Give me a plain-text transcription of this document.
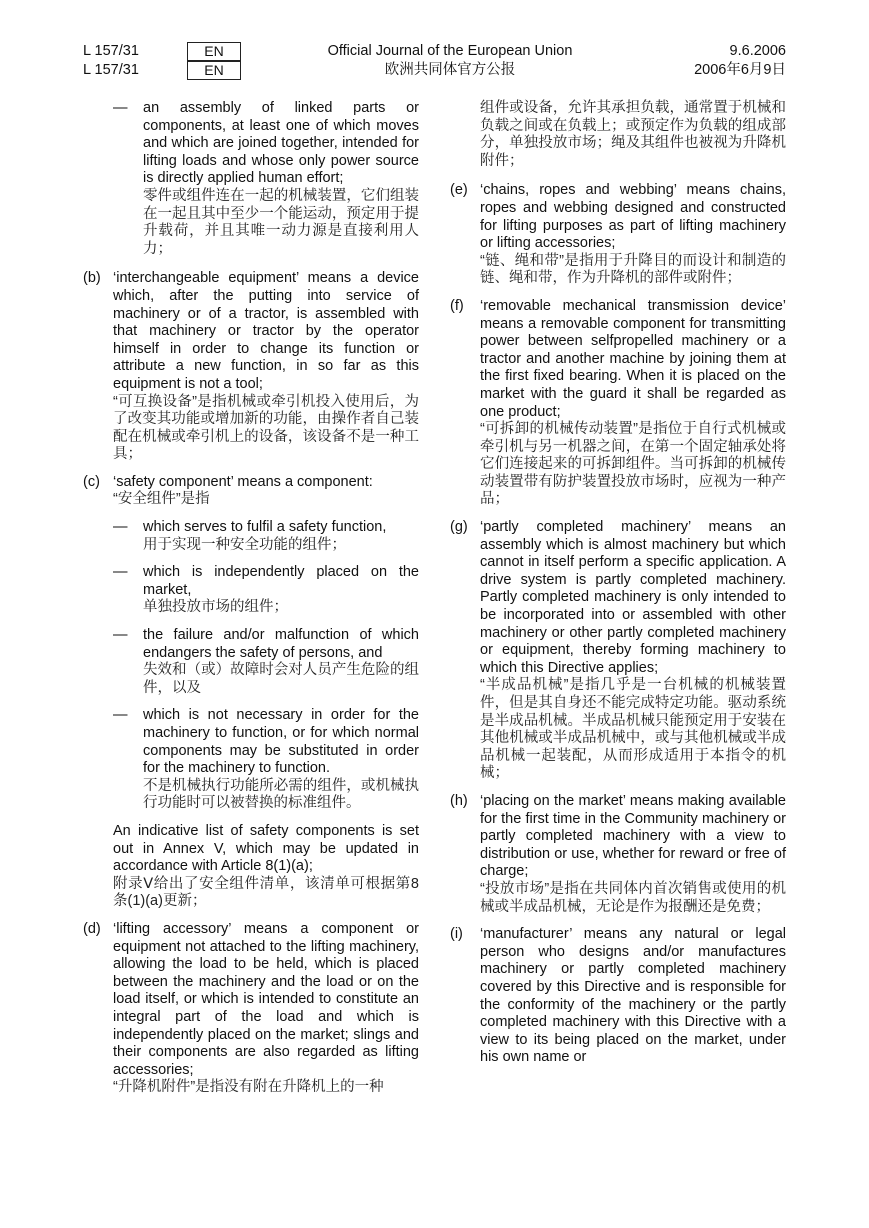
L 157/31
L 157/31
EN
EN
Official Journal of the European Union
欧洲共同体官方公报
9.6.2006
2006年6月9日
— an assembly of linked parts or components, at least one of which moves and which are joined together, intended for lifting loads and whose only power source is directly applied human effort;

零件或组件连在一起的机械装置，它们组装在一起且其中至少一个能运动，预定用于提升载荷，并且其唯一动力源是直接利用人力；

(b) ‘interchangeable equipment’ means a device which, after the putting into service of machinery or of a tractor, is assembled with that machinery or tractor by the operator himself in order to change its function or attribute a new function, in so far as this equipment is not a tool;

“可互换设备”是指机械或牵引机投入使用后，为了改变其功能或增加新的功能，由操作者自己装配在机械或牵引机上的设备，该设备不是一种工具；

(c) ‘safety component’ means a component:

“安全组件”是指

— which serves to fulfil a safety function,

用于实现一种安全功能的组件；

— which is independently placed on the market,

单独投放市场的组件；

— the failure and/or malfunction of which endangers the safety of persons, and

失效和（或）故障时会对人员产生危险的组件，以及

— which is not necessary in order for the machinery to function, or for which normal components may be substituted in order for the machinery to function.

不是机械执行功能所必需的组件，或机械执行功能时可以被替换的标准组件。

An indicative list of safety components is set out in Annex V, which may be updated in accordance with Article 8(1)(a);

附录Ⅴ给出了安全组件清单，该清单可根据第8条(1)(a)更新；

(d) ‘lifting accessory’ means a component or equipment not attached to the lifting machinery, allowing the load to be held, which is placed between the machinery and the load or on the load itself, or which is intended to constitute an integral part of the load and which is independently placed on the market; slings and their components are also regarded as lifting accessories;

“升降机附件”是指没有附在升降机上的一种

组件或设备，允许其承担负载，通常置于机械和负载之间或在负载上；或预定作为负载的组成部分，单独投放市场；绳及其组件也被视为升降机附件；

(e) ‘chains, ropes and webbing’ means chains, ropes and webbing designed and constructed for lifting purposes as part of lifting machinery or lifting accessories;

“链、绳和带”是指用于升降目的而设计和制造的链、绳和带，作为升降机的部件或附件；

(f) ‘removable mechanical transmission device’ means a removable component for transmitting power between selfpropelled machinery or a tractor and another machine by joining them at the first fixed bearing. When it is placed on the market with the guard it shall be regarded as one product;

“可拆卸的机械传动装置”是指位于自行式机械或牵引机与另一机器之间，在第一个固定轴承处将它们连接起来的可拆卸组件。当可拆卸的机械传动装置带有防护装置投放市场时，应视为一种产品；

(g) ‘partly completed machinery’ means an assembly which is almost machinery but which cannot in itself perform a specific application. A drive system is partly completed machinery. Partly completed machinery is only intended to be incorporated into or assembled with other machinery or other partly completed machinery or equipment, thereby forming machinery to which this Directive applies;

“半成品机械”是指几乎是一台机械的机械装置件，但是其自身还不能完成特定功能。驱动系统是半成品机械。半成品机械只能预定用于安装在其他机械或半成品机械中，或与其他机械或半成品机械一起装配，从而形成适用于本指令的机械；

(h) ‘placing on the market’ means making available for the first time in the Community machinery or partly completed machinery with a view to distribution or use, whether for reward or free of charge;

“投放市场”是指在共同体内首次销售或使用的机械或半成品机械，无论是作为报酬还是免费；

(i) ‘manufacturer’ means any natural or legal person who designs and/or manufactures machinery or partly completed machinery covered by this Directive and is responsible for the conformity of the machinery or the partly completed machinery with this Directive with a view to its being placed on the market, under his own name or
